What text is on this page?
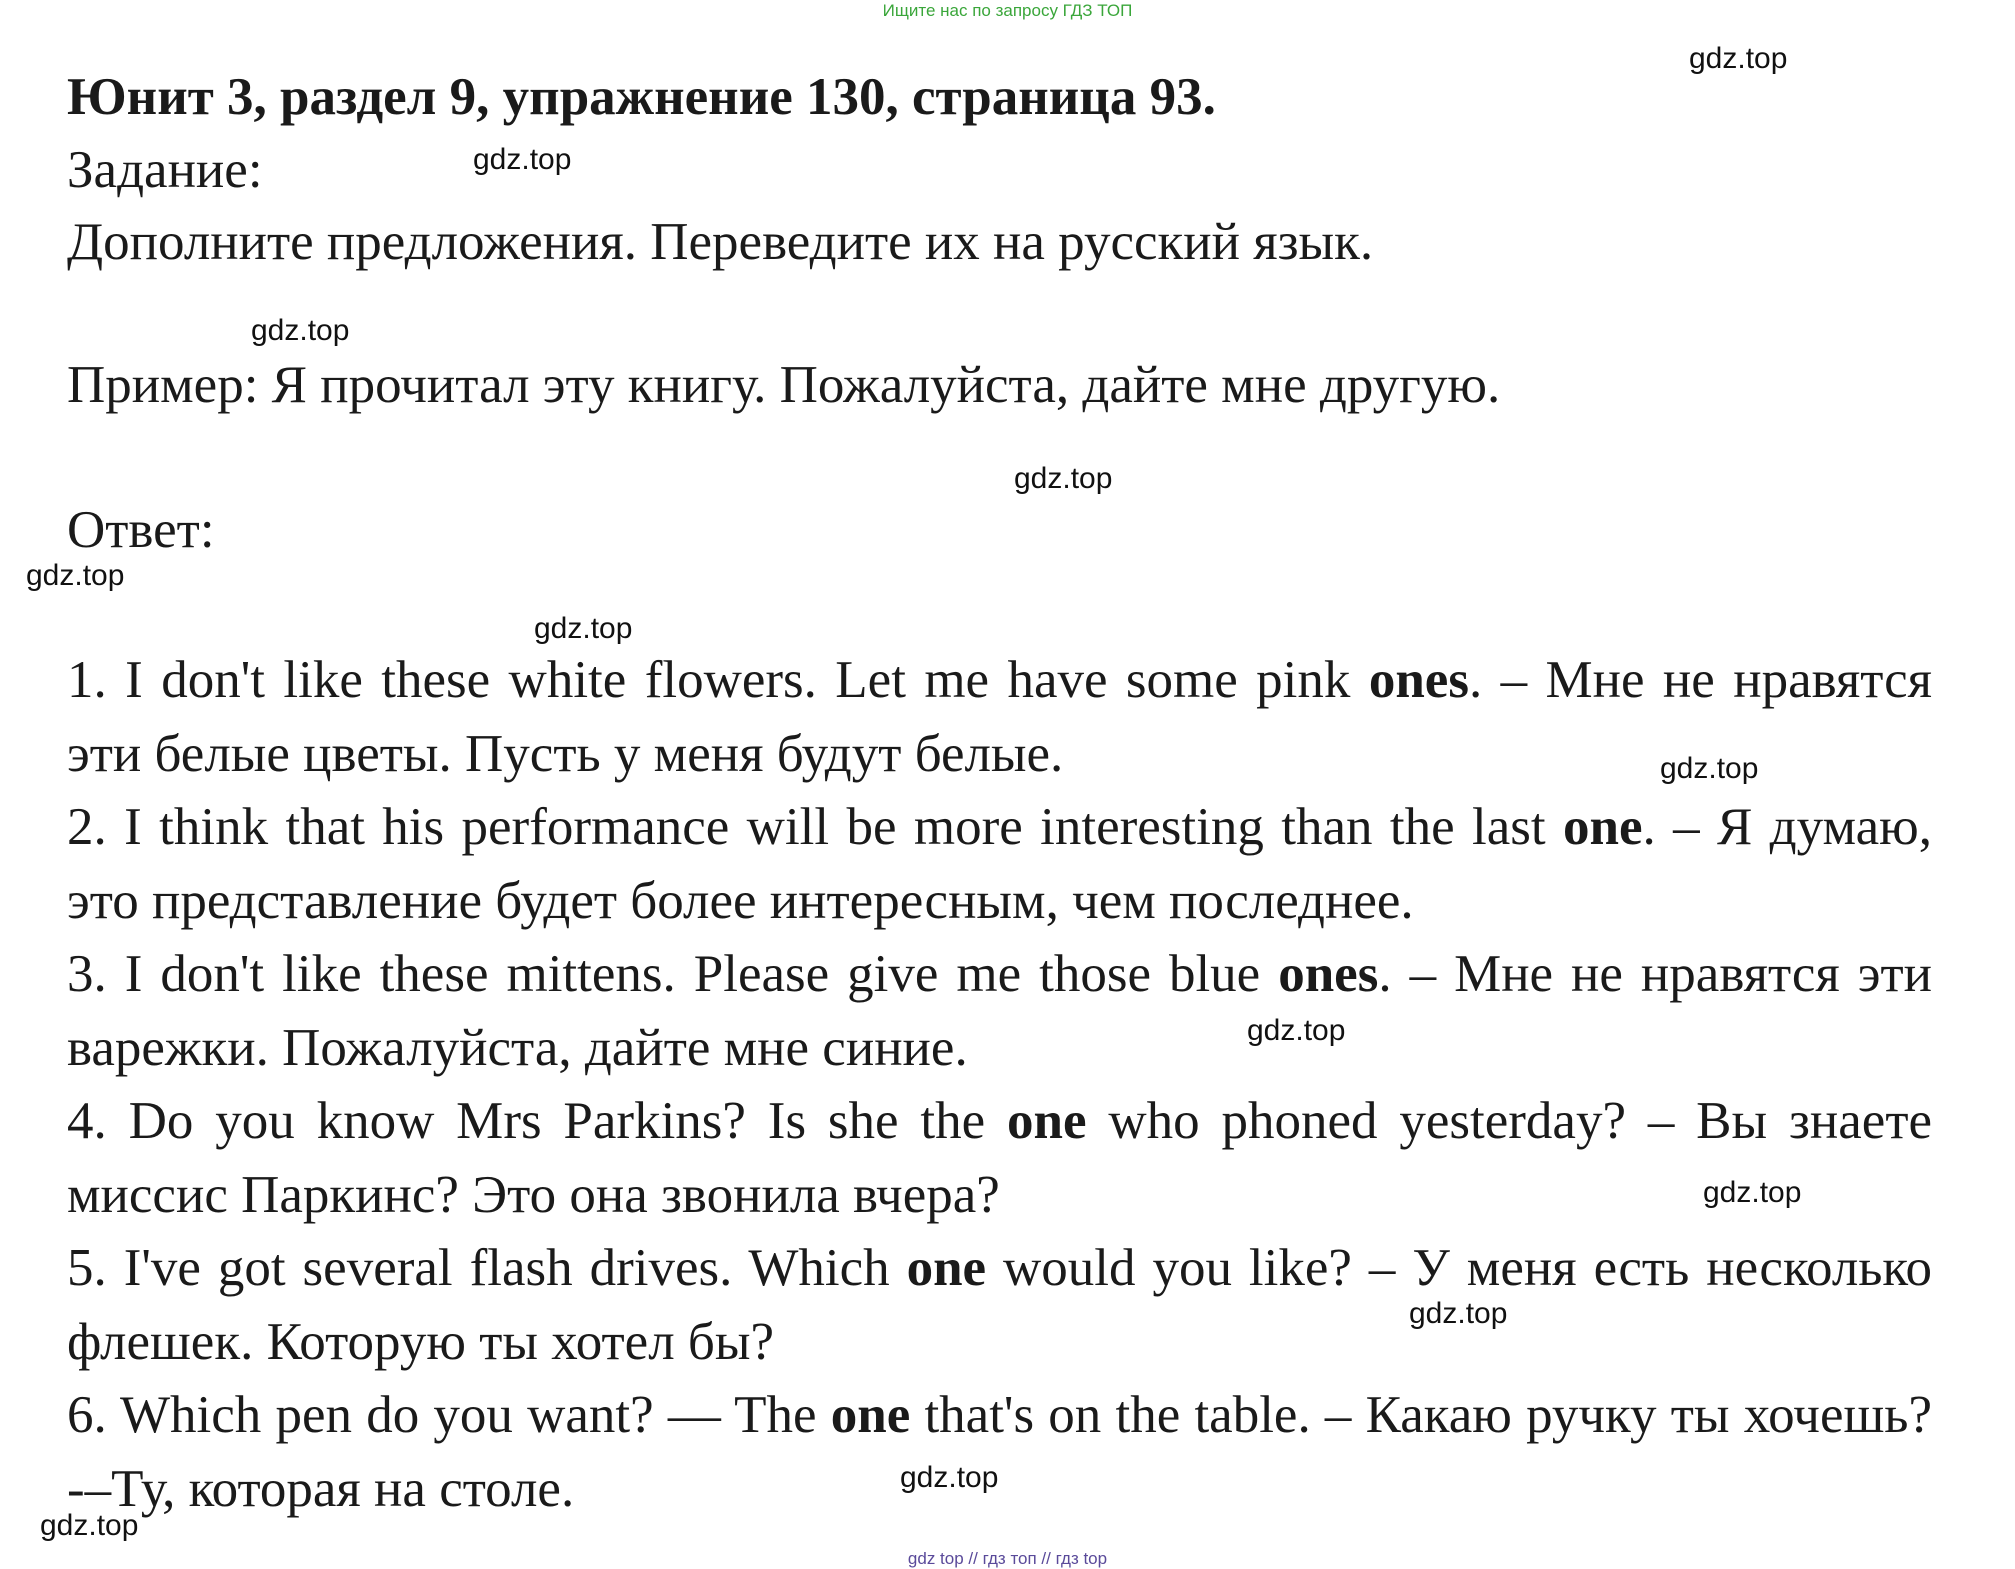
Ищите нас по запросу ГДЗ ТОП
Юнит 3, раздел 9, упражнение 130, страница 93.
Задание:
Дополните предложения. Переведите их на русский язык.
Пример: Я прочитал эту книгу. Пожалуйста, дайте мне другую.
Ответ:

1. I don't like these white flowers. Let me have some pink ones. – Мне не нравятся эти белые цветы. Пусть у меня будут белые.

2. I think that his performance will be more interesting than the last one. – Я думаю, это представление будет более интересным, чем последнее.

3. I don't like these mittens. Please give me those blue ones. – Мне не нравятся эти варежки. Пожалуйста, дайте мне синие.

4. Do you know Mrs Parkins? Is she the one who phoned yesterday? – Вы знаете миссис Паркинс? Это она звонила вчера?

5. I've got several flash drives. Which one would you like? – У меня есть несколько флешек. Которую ты хотел бы?

6. Which pen do you want? — The one that's on the table. – Какаю ручку ты хочешь? -–Ту, которая на столе.

gdz.top
gdz.top
gdz.top
gdz.top
gdz.top
gdz.top
gdz.top
gdz.top
gdz.top
gdz.top
gdz.top
gdz.top
gdz top // гдз топ // гдз top
